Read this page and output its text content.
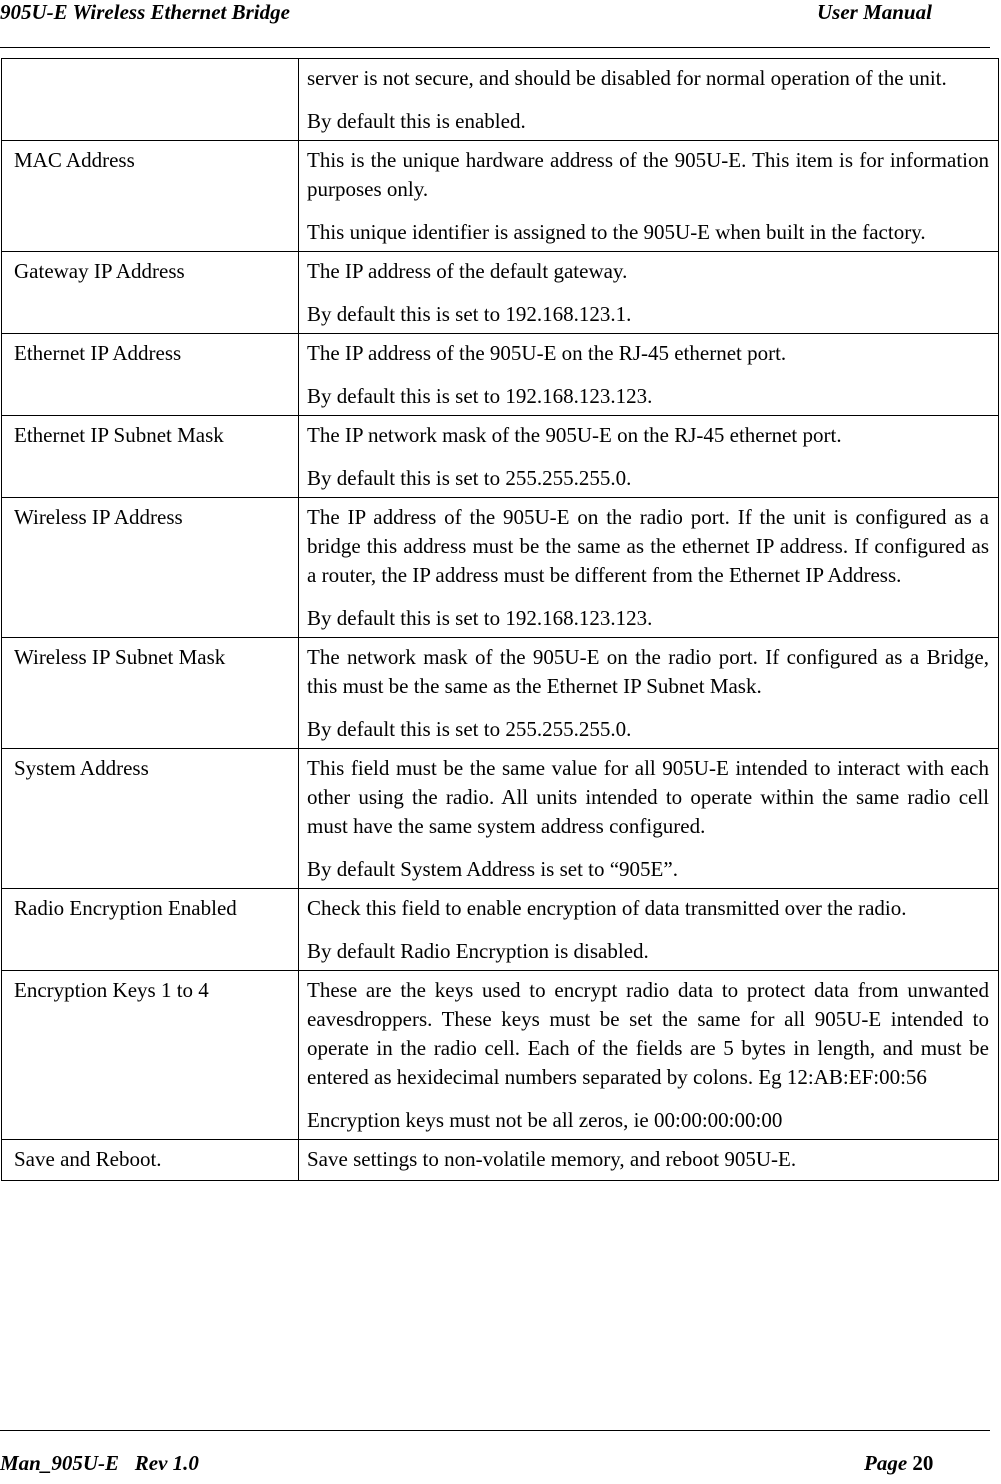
905U-E Wireless Ethernet Bridge	User Manual

	server is not secure, and should be disabled for normal operation of the unit.

By default this is enabled.

MAC Address	This is the unique hardware address of the 905U-E. This item is for information purposes only.

This unique identifier is assigned to the 905U-E when built in the factory.

Gateway IP Address	The IP address of the default gateway.

By default this is set to 192.168.123.1.

Ethernet IP Address	The IP address of the 905U-E on the RJ-45 ethernet port.

By default this is set to 192.168.123.123.

Ethernet IP Subnet Mask	The IP network mask of the 905U-E on the RJ-45 ethernet port.

By default this is set to 255.255.255.0.

Wireless IP Address	The IP address of the 905U-E on the radio port. If the unit is configured as a bridge this address must be the same as the ethernet IP address. If configured as a router, the IP address must be different from the Ethernet IP Address.

By default this is set to 192.168.123.123.

Wireless IP Subnet Mask	The network mask of the 905U-E on the radio port. If configured as a Bridge, this must be the same as the Ethernet IP Subnet Mask.

By default this is set to 255.255.255.0.

System Address	This field must be the same value for all 905U-E intended to interact with each other using the radio. All units intended to operate within the same radio cell must have the same system address configured.

By default System Address is set to “905E”.

Radio Encryption Enabled	Check this field to enable encryption of data transmitted over the radio.

By default Radio Encryption is disabled.

Encryption Keys 1 to 4	These are the keys used to encrypt radio data to protect data from unwanted eavesdroppers. These keys must be set the same for all 905U-E intended to operate in the radio cell. Each of the fields are 5 bytes in length, and must be entered as hexidecimal numbers separated by colons. Eg 12:AB:EF:00:56

Encryption keys must not be all zeros, ie 00:00:00:00:00

Save and Reboot.	Save settings to non-volatile memory, and reboot 905U-E.

Man_905U-E Rev 1.0	Page 20
